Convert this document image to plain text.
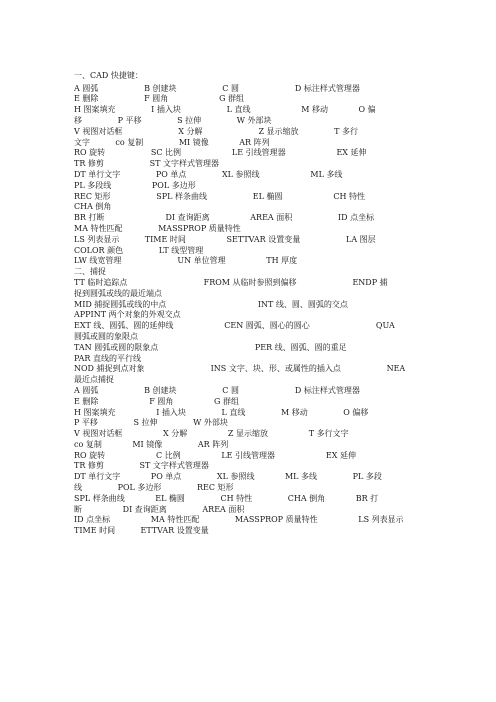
一、CAD 快捷键：
A 圆弧                  B 创建块                  C 圆                      D 标注样式管理器
E 删除                  F 圆角                    G 群组
H 图案填充              I 插入块                  L 直线                    M 移动            O 偏
移              P 平移              S 拉伸              W 外部块
V 视图对话框                      X 分解                      Z 显示缩放              T 多行
文字          co 复制              MI 镜像            AR 阵列
RO 旋转                  SC 比例                    LE 引线管理器                    EX 延伸
TR 修剪                  ST 文字样式管理器
DT 单行文字              PO 单点              XL 参照线                    ML 多线
PL 多段线                POL 多边形
REC 矩形                  SPL 样条曲线                  EL 椭圆                    CH 特性
CHA 倒角
BR 打断                        DI 查询距离                AREA 面积                  ID 点坐标
MA 特性匹配              MASSPROP 质量特性
LS 列表显示          TIME 时间                SETTVAR 设置变量                  LA 图层
COLOR 颜色              LT 线型管理
LW 线宽管理                      UN 单位管理                TH 厚度
二、捕捉
TT 临时追踪点                              FROM 从临时参照到偏移                      ENDP 捕
捉到圆弧或线的最近端点
MID 捕捉圆弧或线的中点                                    INT 线、圆、圆弧的交点
APPINT 两个对象的外观交点
EXT 线、圆弧、圆的延伸线                    CEN 圆弧、圆心的圆心                          QUA
圆弧或圆的象限点
TAN 圆弧或圆的限象点                                      PER 线、圆弧、圆的重足
PAR 直线的平行线
NOD 捕捉到点对象                          INS 文字、块、形、或属性的插入点                  NEA
最近点捕捉
A 圆弧                  B 创建块                  C 圆                      D 标注样式管理器
E 删除                    F 圆角                G 群组
H 图案填充                I 插入块              L 直线              M 移动              O 偏移
P 平移              S 拉伸              W 外部块
V 视图对话框                X 分解                Z 显示缩放                T 多行文字
co 复制            MI 镜像              AR 阵列
RO 旋转                    C 比例                LE 引线管理器                    EX 延伸
TR 修剪              ST 文字样式管理器
DT 单行文字            PO 单点              XL 参照线            ML 多线              PL 多段
线              POL 多边形              REC 矩形
SPL 样条曲线            EL 椭圆              CH 特性              CHA 倒角            BR 打
断                DI 查询距离              AREA 面积
ID 点坐标                MA 特性匹配              MASSPROP 质量特性                LS 列表显示
TIME 时间          ETTVAR 设置变量
